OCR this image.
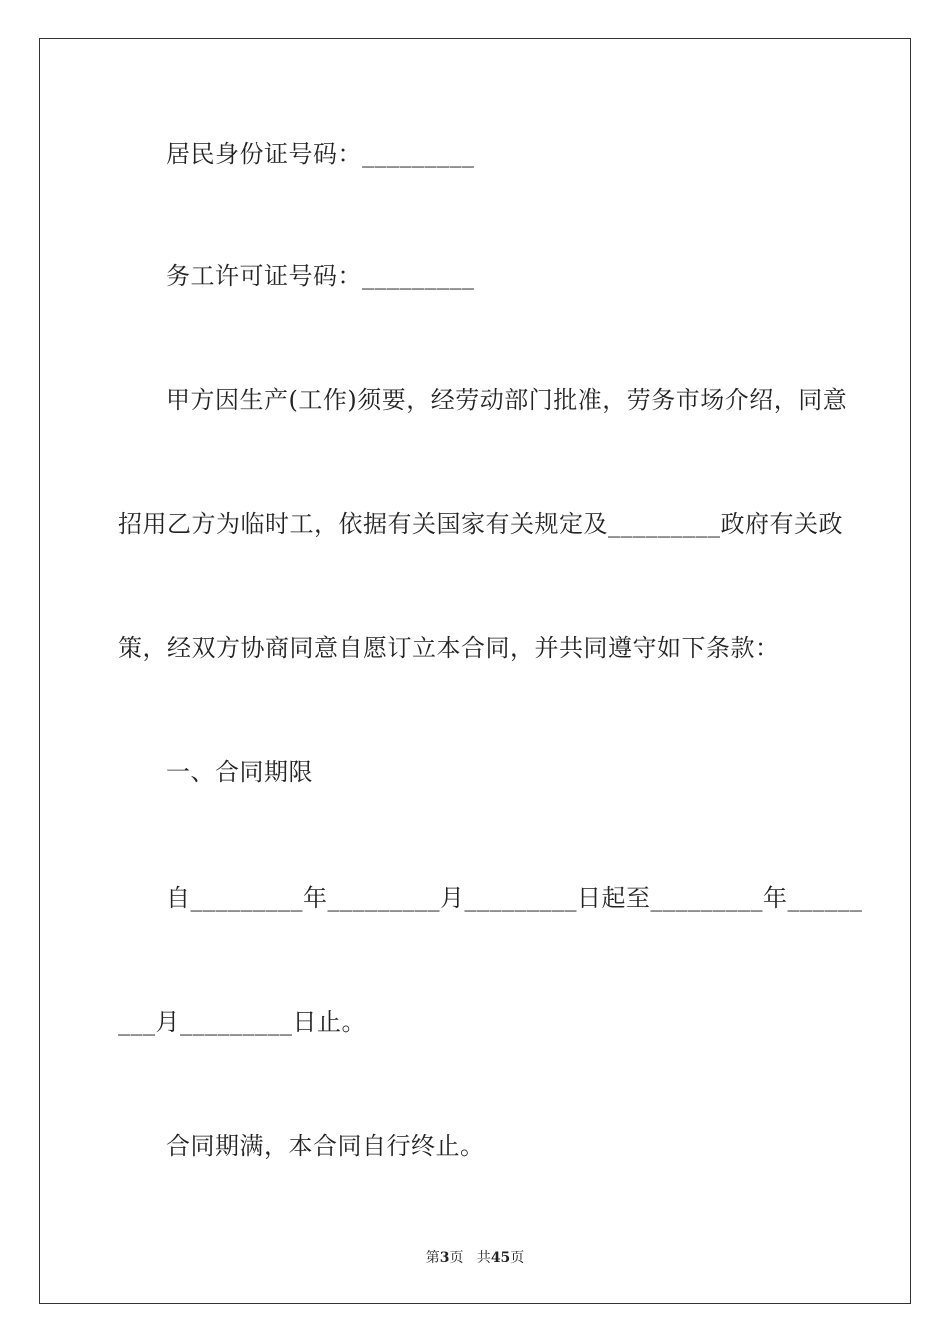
居民身份证号码：_________
务工许可证号码：_________
甲方因生产(工作)须要，经劳动部门批准，劳务市场介绍，同意
招用乙方为临时工，依据有关国家有关规定及_________政府有关政
策，经双方协商同意自愿订立本合同，并共同遵守如下条款：
一、合同期限
自_________年_________月_________日起至_________年______
___月_________日止。
合同期满，本合同自行终止。
第3页 共45页
